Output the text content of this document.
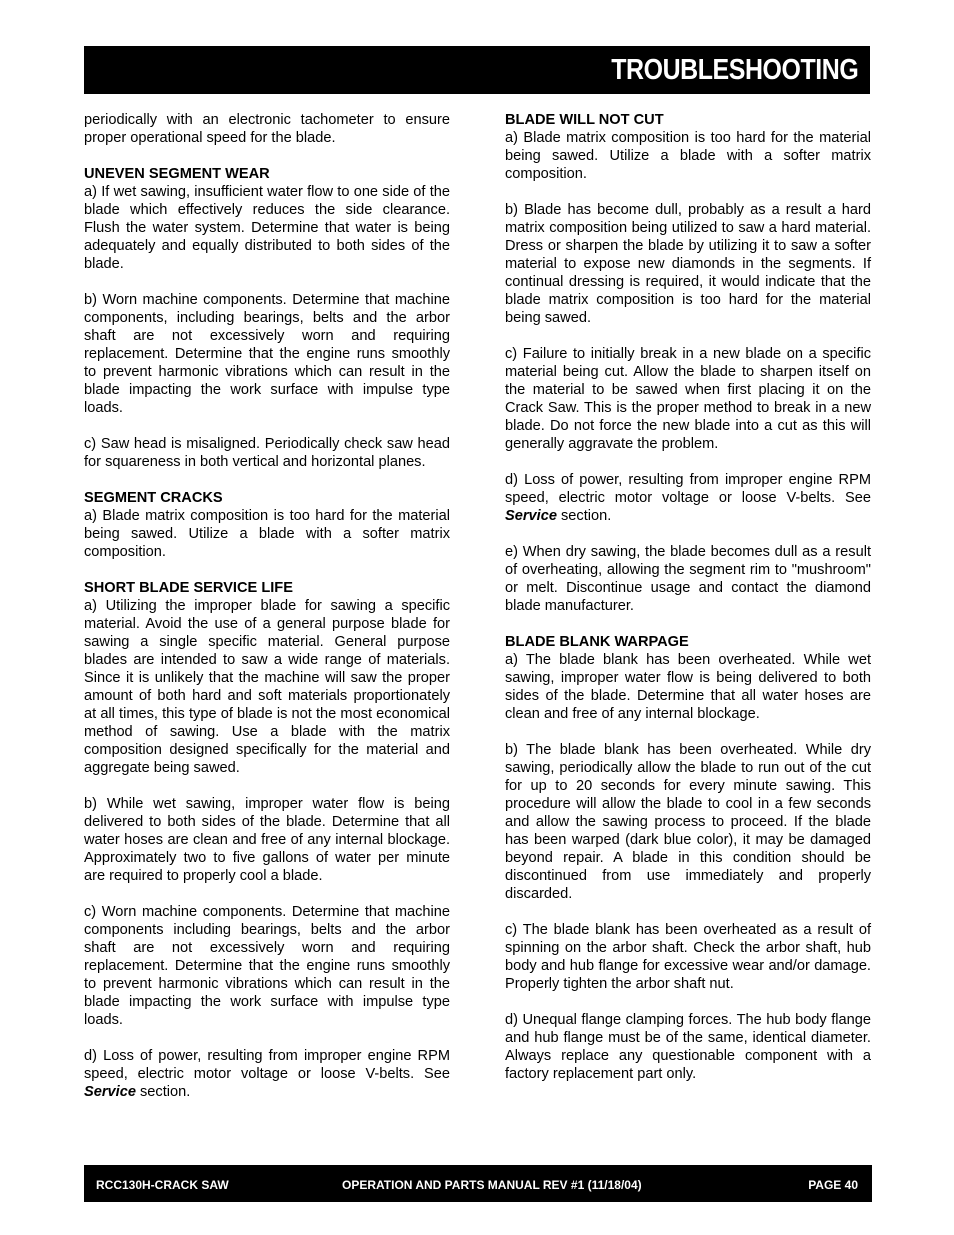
TROUBLESHOOTING

periodically with an electronic tachometer to ensure proper operational speed for the blade.

UNEVEN SEGMENT WEAR

a) If wet sawing, insufficient water flow to one side of the blade which effectively reduces the side clearance. Flush the water system. Determine that water is being adequately and equally distributed to both sides of the blade.

b) Worn machine components. Determine that machine components, including bearings, belts and the arbor shaft are not excessively worn and requiring replacement. Determine that the engine runs smoothly to prevent harmonic vibrations which can result in the blade impacting the work surface with impulse type loads.

c) Saw head is misaligned. Periodically check saw head for squareness in both vertical and horizontal planes.

SEGMENT CRACKS

a) Blade matrix composition is too hard for the material being sawed. Utilize a blade with a softer matrix composition.

SHORT BLADE SERVICE LIFE

a) Utilizing the improper blade for sawing a specific material. Avoid the use of a general purpose blade for sawing a single specific material. General purpose blades are intended to saw a wide range of materials. Since it is unlikely that the machine will saw the proper amount of both hard and soft materials proportionately at all times, this type of blade is not the most economical method of sawing. Use a blade with the matrix composition designed specifically for the material and aggregate being sawed.

b) While wet sawing, improper water flow is being delivered to both sides of the blade. Determine that all water hoses are clean and free of any internal blockage. Approximately two to five gallons of water per minute are required to properly cool a blade.

c) Worn machine components. Determine that machine components including bearings, belts and the arbor shaft are not excessively worn and requiring replacement. Determine that the engine runs smoothly to prevent harmonic vibrations which can result in the blade impacting the work surface with impulse type loads.

d) Loss of power, resulting from improper engine RPM speed, electric motor voltage or loose V-belts. See Service section.

BLADE WILL NOT CUT

a) Blade matrix composition is too hard for the material being sawed. Utilize a blade with a softer matrix composition.

b) Blade has become dull, probably as a result a hard matrix composition being utilized to saw a hard material. Dress or sharpen the blade by utilizing it to saw a softer material to expose new diamonds in the segments. If continual dressing is required, it would indicate that the blade matrix composition is too hard for the material being sawed.

c) Failure to initially break in a new blade on a specific material being cut. Allow the blade to sharpen itself on the material to be sawed when first placing it on the Crack Saw. This is the proper method to break in a new blade. Do not force the new blade into a cut as this will generally aggravate the problem.

d) Loss of power, resulting from improper engine RPM speed, electric motor voltage or loose V-belts. See Service section.

e) When dry sawing, the blade becomes dull as a result of overheating, allowing the segment rim to "mushroom" or melt. Discontinue usage and contact the diamond blade manufacturer.

BLADE BLANK WARPAGE

a) The blade blank has been overheated. While wet sawing, improper water flow is being delivered to both sides of the blade. Determine that all water hoses are clean and free of any internal blockage.

b) The blade blank has been overheated. While dry sawing, periodically allow the blade to run out of the cut for up to 20 seconds for every minute sawing. This procedure will allow the blade to cool in a few seconds and allow the sawing process to proceed. If the blade has been warped (dark blue color), it may be damaged beyond repair. A blade in this condition should be discontinued from use immediately and properly discarded.

c) The blade blank has been overheated as a result of spinning on the arbor shaft. Check the arbor shaft, hub body and hub flange for excessive wear and/or damage. Properly tighten the arbor shaft nut.

d) Unequal flange clamping forces. The hub body flange and hub flange must be of the same, identical diameter. Always replace any questionable component with a factory replacement part only.

RCC130H-CRACK SAW	OPERATION AND PARTS MANUAL REV #1 (11/18/04)	PAGE 40
